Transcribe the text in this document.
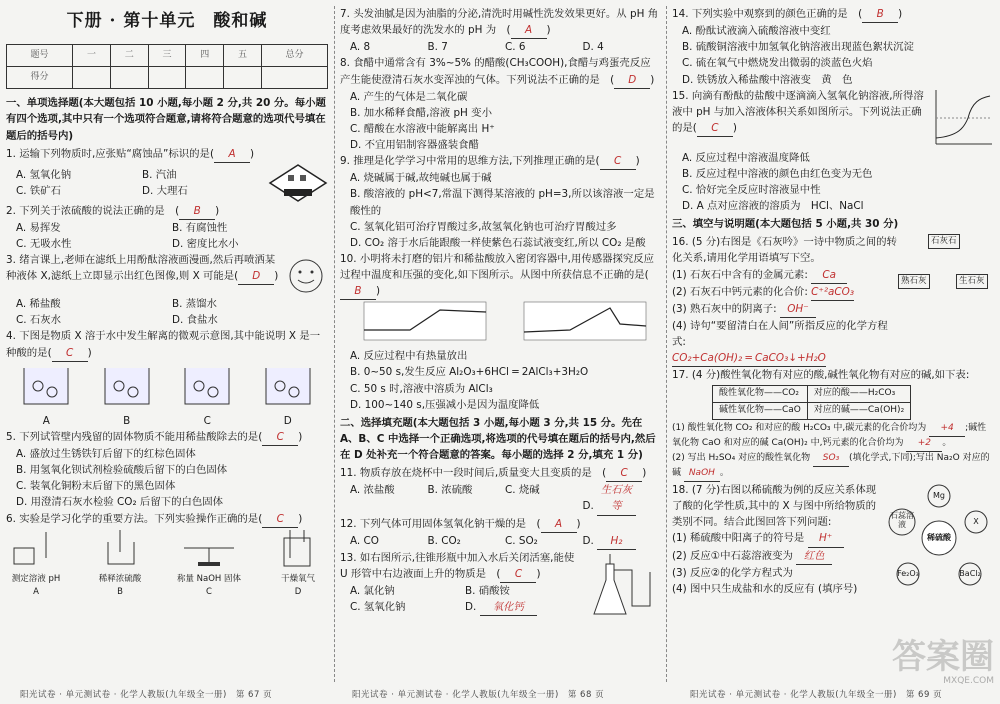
下册 · 第十单元　酸和碱
题号	一	二	三	四	五	总分
得分						
一、单项选择题(本大题包括 10 小题,每小题 2 分,共 20 分。每小题有四个选项,其中只有一个选项符合题意,请将符合题意的选项代号填在题后的括号内)
1. 运输下列物质时,应张贴“腐蚀品”标识的是( A )
A. 氢氧化钠	B. 汽油
C. 铁矿石	D. 大理石
2. 下列关于浓硫酸的说法正确的是　( B )
A. 易挥发	B. 有腐蚀性
C. 无吸水性	D. 密度比水小
3. 绪言课上,老师在滤纸上用酚酞溶液画漫画,然后再喷洒某种液体 X,滤纸上立即显示出红色图像,则 X 可能是( D )
A. 稀盐酸	B. 蒸馏水
C. 石灰水	D. 食盐水
4. 下图是物质 X 溶于水中发生解离的微观示意图,其中能说明 X 是一种酸的是( C )
A	B	C	D
5. 下列试管壁内残留的固体物质不能用稀盐酸除去的是( C )
A. 盛放过生锈铁钉后留下的红棕色固体
B. 用氢氧化钡试剂检验硫酸后留下的白色固体
C. 装氧化铜粉末后留下的黑色固体
D. 用澄清石灰水检验 CO₂ 后留下的白色固体
6. 实验是学习化学的重要方法。下列实验操作正确的是( C )
测定溶液 pH
A
稀释浓硫酸
B
称量 NaOH 固体
C
干燥氧气
D
阳光试卷 · 单元测试卷 · 化学人教版(九年级全一册)　第 67 页
7. 头发油腻是因为油脂的分泌,清洗时用碱性洗发效果更好。从 pH 角度考虑效果最好的洗发水的 pH 为　( A )
A. 8	B. 7	C. 6	D. 4
8. 食醋中通常含有 3%~5% 的醋酸(CH₃COOH),食醋与鸡蛋壳反应产生能使澄清石灰水变浑浊的气体。下列说法不正确的是　( D )
A. 产生的气体是二氧化碳
B. 加水稀释食醋,溶液 pH 变小
C. 醋酸在水溶液中能解离出 H⁺
D. 不宜用铝制容器盛装食醋
9. 推理是化学学习中常用的思维方法,下列推理正确的是( C )
A. 烧碱属于碱,故纯碱也属于碱
B. 酸溶液的 pH<7,常温下测得某溶液的 pH=3,所以该溶液一定是酸性的
C. 氢氧化铝可治疗胃酸过多,故氢氧化钠也可治疗胃酸过多
D. CO₂ 溶于水后能跟酸一样使紫色石蕊试液变红,所以 CO₂ 是酸
10. 小明将未打磨的铝片和稀盐酸放入密闭容器中,用传感器探究反应过程中温度和压强的变化,如下图所示。从图中所获信息不正确的是(B )
A. 反应过程中有热量放出
B. 0~50 s,发生反应 Al₂O₃+6HCl ═ 2AlCl₃+3H₂O
C. 50 s 时,溶液中溶质为 AlCl₃
D. 100~140 s,压强减小是因为温度降低
二、选择填充题(本大题包括 3 小题,每小题 3 分,共 15 分。先在 A、B、C 中选择一个正确选项,将选项的代号填在题后的括号内,然后在 D 处补充一个符合题意的答案。每小题的选择 2 分,填充 1 分)
11. 物质存放在烧杯中一段时间后,质量变大且变质的是　( C )
A. 浓盐酸	B. 浓硫酸	C. 烧碱
D. 生石灰等
12. 下列气体可用固体氢氧化钠干燥的是　( A )
A. CO	B. CO₂	C. SO₂	D. H₂
13. 如右图所示,往锥形瓶中加入水后关闭活塞,能使 U 形管中右边液面上升的物质是　( C )
A. 氯化钠	B. 硝酸铵
C. 氢氧化钠	D. 氧化钙
阳光试卷 · 单元测试卷 · 化学人教版(九年级全一册)　第 68 页
14. 下列实验中观察到的颜色正确的是　( B )
A. 酚酞试液滴入硫酸溶液中变红
B. 硫酸铜溶液中加氢氧化钠溶液出现蓝色絮状沉淀
C. 硫在氧气中燃烧发出微弱的淡蓝色火焰
D. 铁锈放入稀盐酸中溶液变　黄　色
15. 向滴有酚酞的盐酸中逐滴滴入氢氧化钠溶液,所得溶液中 pH 与加入溶液体积关系如图所示。下列说法正确的是( C )
A. 反应过程中溶液温度降低
B. 反应过程中溶液的颜色由红色变为无色
C. 恰好完全反应时溶液显中性
D. A 点对应溶液的溶质为　HCl、NaCl
三、填空与说明题(本大题包括 5 小题,共 30 分)
16. (5 分)右图是《石灰吟》一诗中物质之间的转化关系,请用化学用语填写下空。
(1) 石灰石中含有的金属元素: Ca
(2) 石灰石中钙元素的化合价: C⁺²aCO₃
(3) 熟石灰中的阴离子: OH⁻
(4) 诗句“要留清白在人间”所指反应的化学方程式:
CO₂+Ca(OH)₂ ═ CaCO₃↓+H₂O
石灰石
熟石灰	生石灰
17. (4 分)酸性氧化物有对应的酸,碱性氧化物有对应的碱,如下表:
酸性氧化物——CO₂	对应的酸——H₂CO₃
碱性氧化物——CaO	对应的碱——Ca(OH)₂
(1) 酸性氧化物 CO₂ 和对应的酸 H₂CO₃ 中,碳元素的化合价均为 +4 ;碱性氧化物 CaO 和对应的碱 Ca(OH)₂ 中,钙元素的化合价均为 +2 。
(2) 写出 H₂SO₄ 对应的酸性氧化物 SO₃ (填化学式,下同);写出 Na₂O 对应的碱 NaOH 。
18. (7 分)右图以稀硫酸为例的反应关系体现了酸的化学性质,其中的 X 与图中所给物质的类别不同。结合此图回答下列问题:
(1) 稀硫酸中阳离子的符号是 H⁺
(2) 反应①中石蕊溶液变为 红色
(3) 反应②的化学方程式为
(4) 图中只生成盐和水的反应有 (填序号)
Mg
稀硫酸
石蕊溶液
Fe₂O₃
X
BaCl₂
阳光试卷 · 单元测试卷 · 化学人教版(九年级全一册)　第 69 页
答案圈
MXQE.COM
